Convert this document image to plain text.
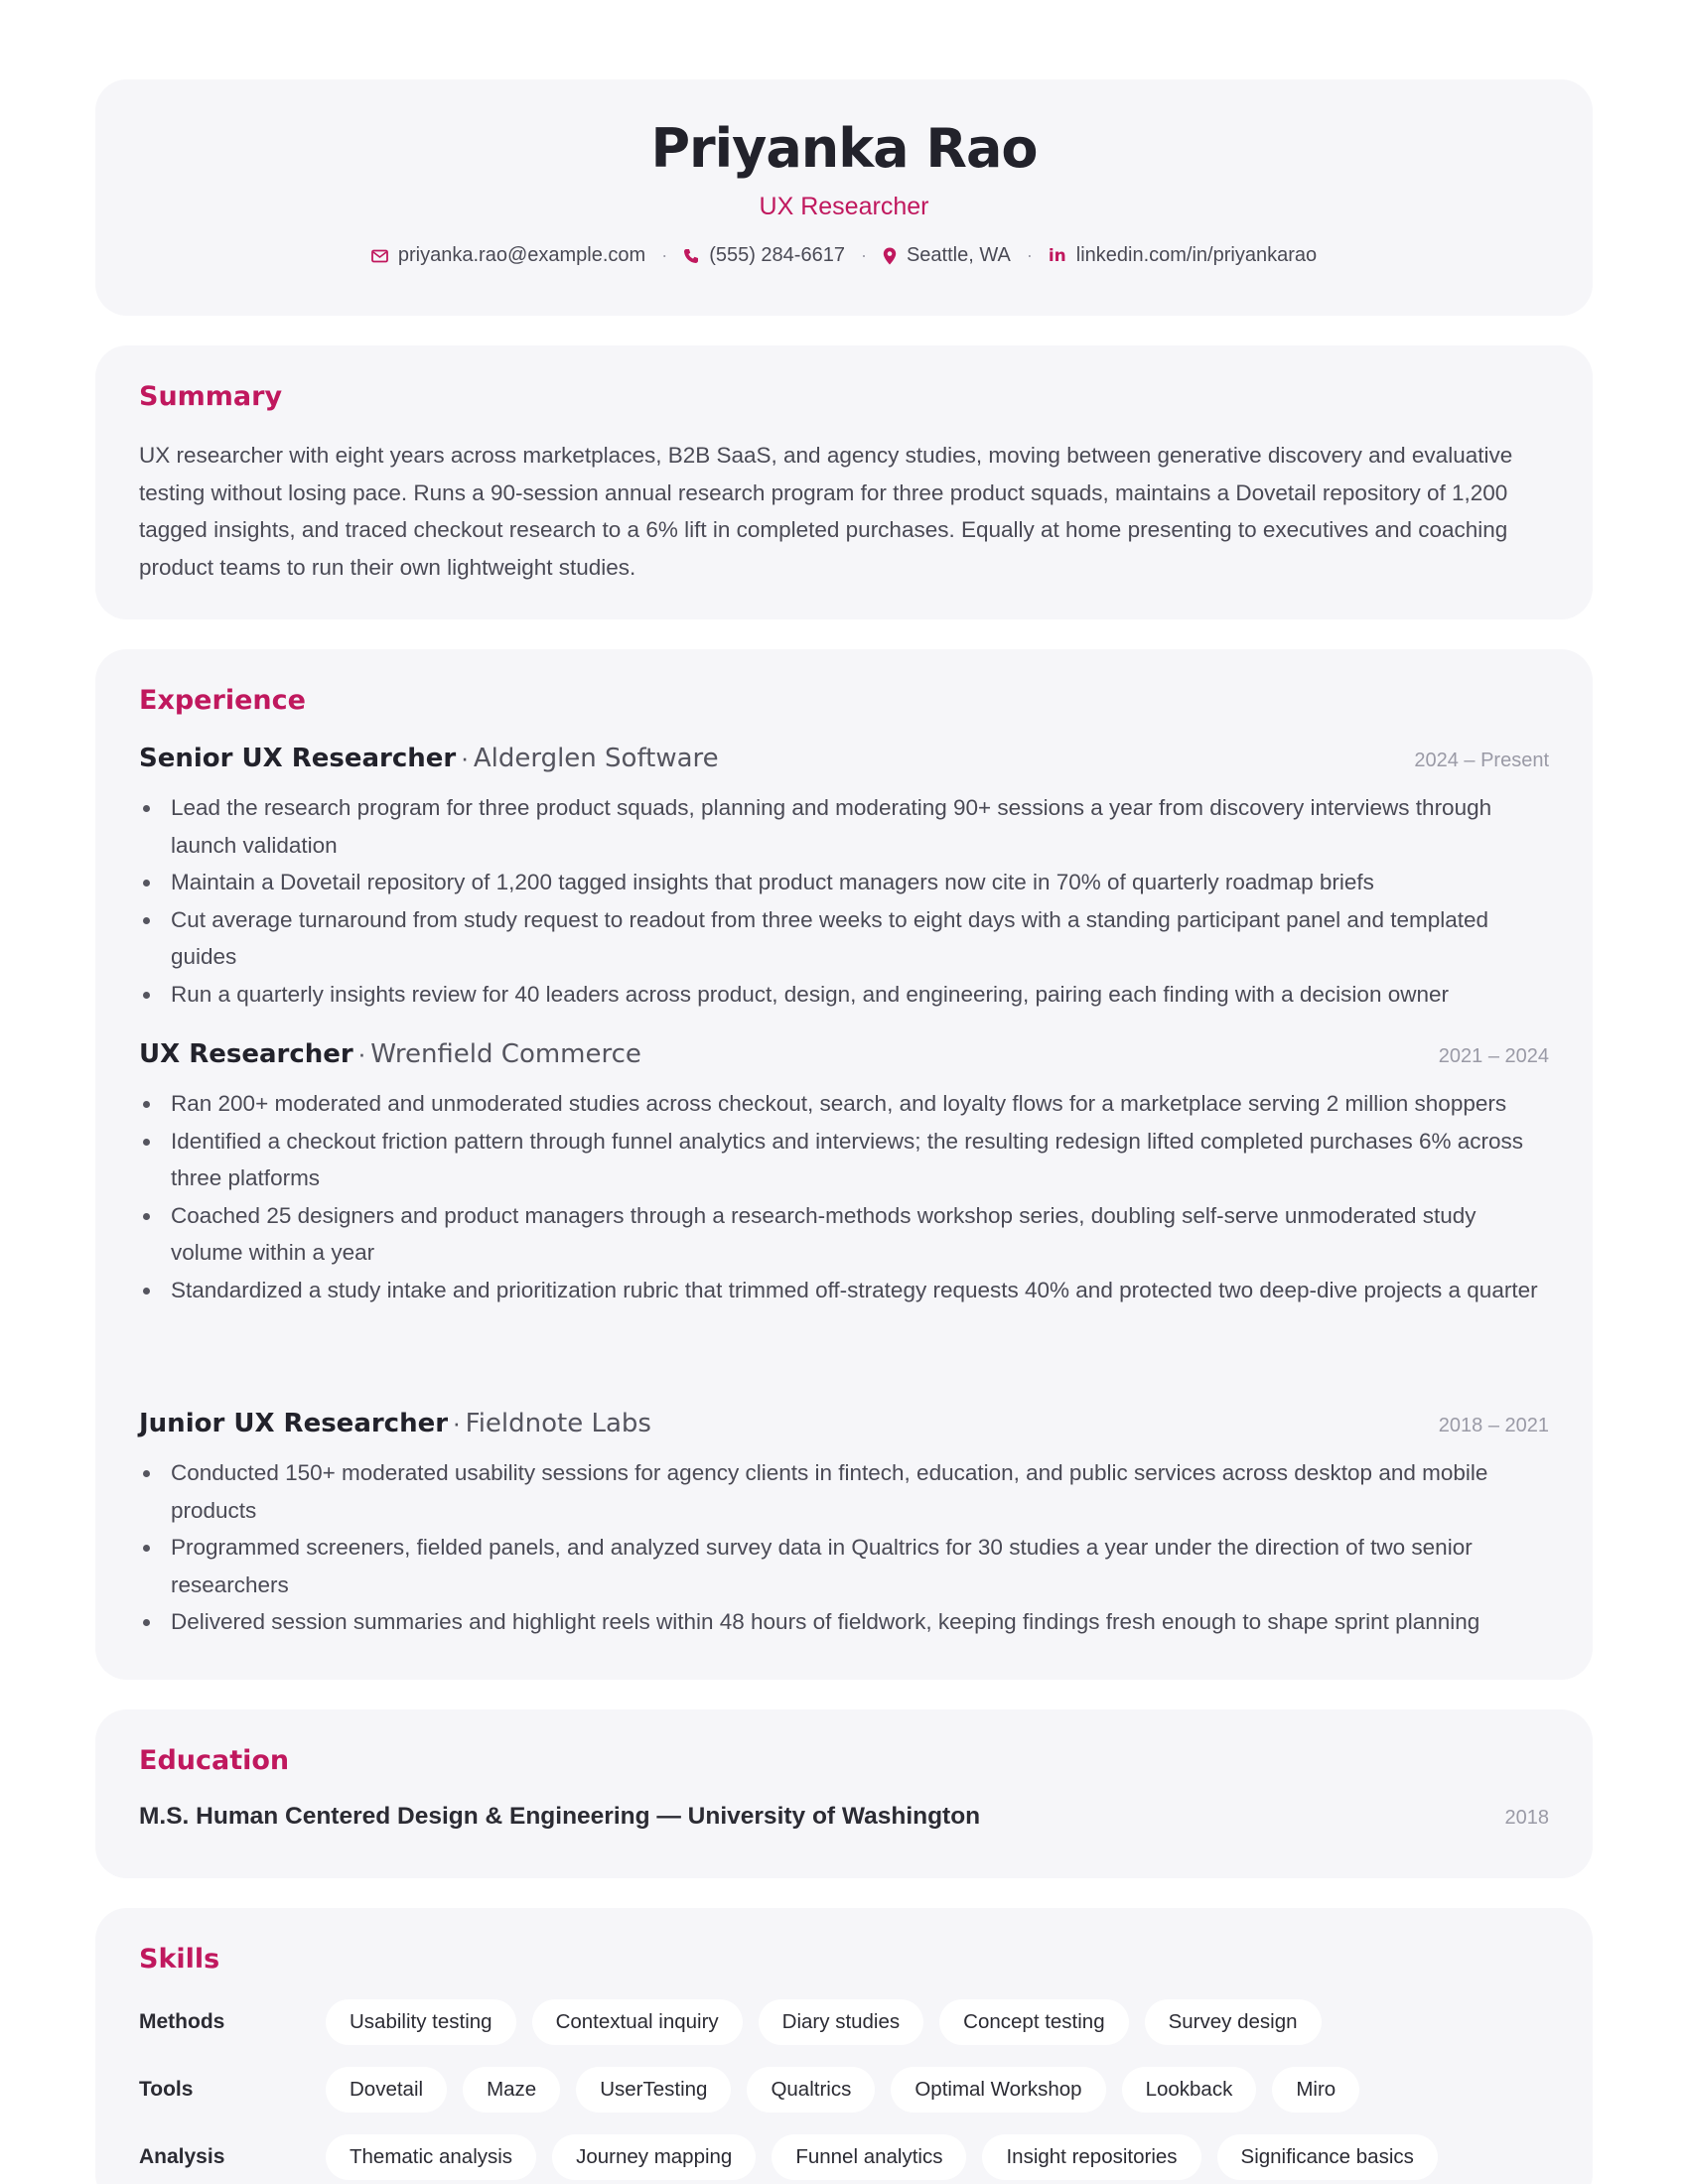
Priyanka Rao
UX Researcher
priyanka.rao@example.com · (555) 284-6617 · Seattle, WA · in linkedin.com/in/priyankarao
Summary
UX researcher with eight years across marketplaces, B2B SaaS, and agency studies, moving between generative discovery and evaluative testing without losing pace. Runs a 90-session annual research program for three product squads, maintains a Dovetail repository of 1,200 tagged insights, and traced checkout research to a 6% lift in completed purchases. Equally at home presenting to executives and coaching product teams to run their own lightweight studies.
Experience
Senior UX Researcher · Alderglen Software	2024 – Present
Lead the research program for three product squads, planning and moderating 90+ sessions a year from discovery interviews through launch validation
Maintain a Dovetail repository of 1,200 tagged insights that product managers now cite in 70% of quarterly roadmap briefs
Cut average turnaround from study request to readout from three weeks to eight days with a standing participant panel and templated guides
Run a quarterly insights review for 40 leaders across product, design, and engineering, pairing each finding with a decision owner
UX Researcher · Wrenfield Commerce	2021 – 2024
Ran 200+ moderated and unmoderated studies across checkout, search, and loyalty flows for a marketplace serving 2 million shoppers
Identified a checkout friction pattern through funnel analytics and interviews; the resulting redesign lifted completed purchases 6% across three platforms
Coached 25 designers and product managers through a research-methods workshop series, doubling self-serve unmoderated study volume within a year
Standardized a study intake and prioritization rubric that trimmed off-strategy requests 40% and protected two deep-dive projects a quarter
Junior UX Researcher · Fieldnote Labs	2018 – 2021
Conducted 150+ moderated usability sessions for agency clients in fintech, education, and public services across desktop and mobile products
Programmed screeners, fielded panels, and analyzed survey data in Qualtrics for 30 studies a year under the direction of two senior researchers
Delivered session summaries and highlight reels within 48 hours of fieldwork, keeping findings fresh enough to shape sprint planning
Education
M.S. Human Centered Design & Engineering — University of Washington	2018
Skills
Methods	Usability testing	Contextual inquiry	Diary studies	Concept testing	Survey design
Tools	Dovetail	Maze	UserTesting	Qualtrics	Optimal Workshop	Lookback	Miro
Analysis	Thematic analysis	Journey mapping	Funnel analytics	Insight repositories	Significance basics
